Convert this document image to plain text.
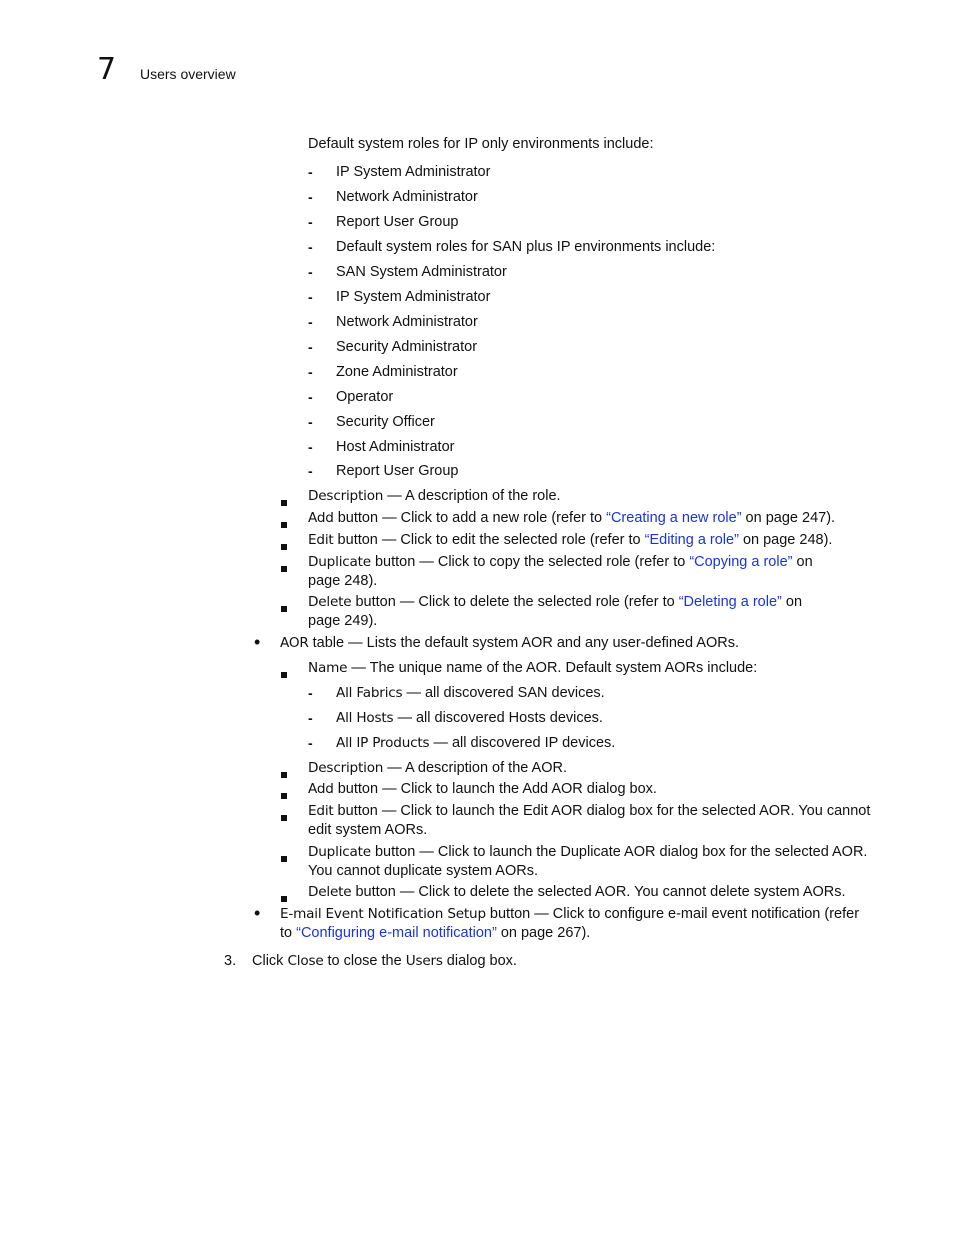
7 Users overview
Default system roles for IP only environments include:
- IP System Administrator
- Network Administrator
- Report User Group
- Default system roles for SAN plus IP environments include:
- SAN System Administrator
- IP System Administrator
- Network Administrator
- Security Administrator
- Zone Administrator
- Operator
- Security Officer
- Host Administrator
- Report User Group
Description — A description of the role.
Add button — Click to add a new role (refer to “Creating a new role” on page 247).
Edit button — Click to edit the selected role (refer to “Editing a role” on page 248).
Duplicate button — Click to copy the selected role (refer to “Copying a role” on
page 248).
Delete button — Click to delete the selected role (refer to “Deleting a role” on
page 249).
• AOR table — Lists the default system AOR and any user-defined AORs.
Name — The unique name of the AOR. Default system AORs include:
- All Fabrics — all discovered SAN devices.
- All Hosts — all discovered Hosts devices.
- All IP Products — all discovered IP devices.
Description — A description of the AOR.
Add button — Click to launch the Add AOR dialog box.
Edit button — Click to launch the Edit AOR dialog box for the selected AOR. You cannot
edit system AORs.
Duplicate button — Click to launch the Duplicate AOR dialog box for the selected AOR.
You cannot duplicate system AORs.
Delete button — Click to delete the selected AOR. You cannot delete system AORs.
• E-mail Event Notification Setup button — Click to configure e-mail event notification (refer
to “Configuring e-mail notification” on page 267).
3. Click Close to close the Users dialog box.
